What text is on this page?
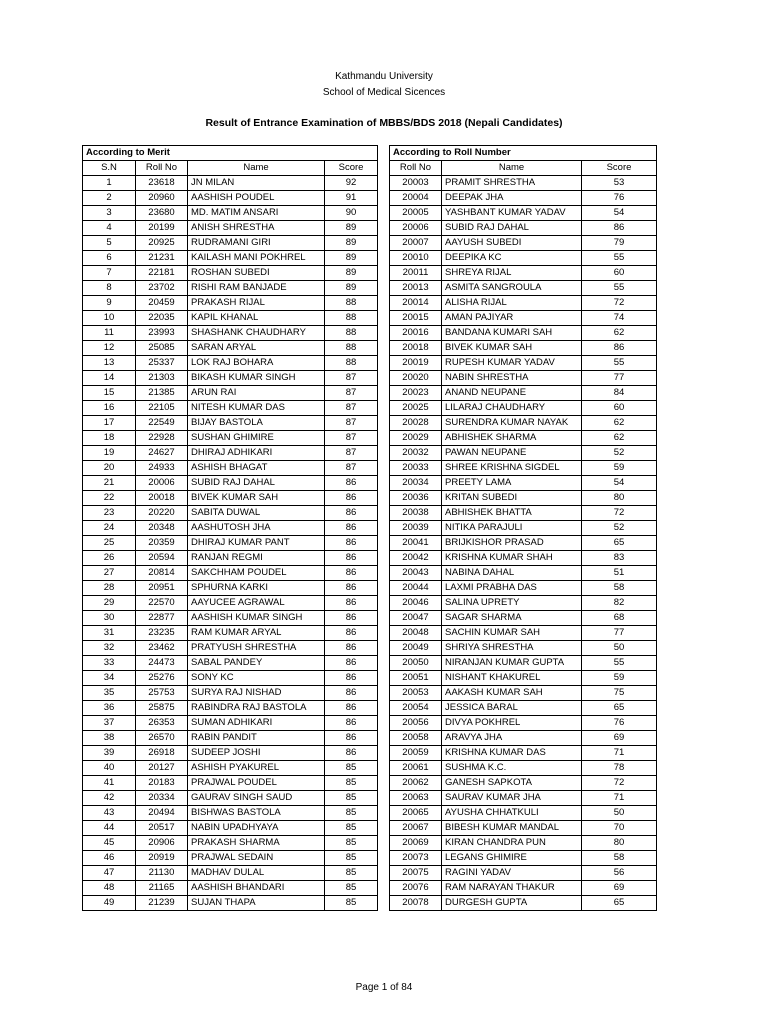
Kathmandu University
School of Medical Sicences
Result of Entrance Examination of MBBS/BDS 2018 (Nepali Candidates)
According to Merit			
S.N	Roll No	Name	Score
1	23618	JN MILAN	92
2	20960	AASHISH POUDEL	91
3	23680	MD. MATIM ANSARI	90
4	20199	ANISH SHRESTHA	89
5	20925	RUDRAMANI GIRI	89
6	21231	KAILASH MANI POKHREL	89
7	22181	ROSHAN SUBEDI	89
8	23702	RISHI RAM BANJADE	89
9	20459	PRAKASH RIJAL	88
10	22035	KAPIL KHANAL	88
11	23993	SHASHANK CHAUDHARY	88
12	25085	SARAN ARYAL	88
13	25337	LOK RAJ BOHARA	88
14	21303	BIKASH KUMAR SINGH	87
15	21385	ARUN RAI	87
16	22105	NITESH KUMAR DAS	87
17	22549	BIJAY BASTOLA	87
18	22928	SUSHAN GHIMIRE	87
19	24627	DHIRAJ ADHIKARI	87
20	24933	ASHISH BHAGAT	87
21	20006	SUBID RAJ DAHAL	86
22	20018	BIVEK KUMAR SAH	86
23	20220	SABITA DUWAL	86
24	20348	AASHUTOSH JHA	86
25	20359	DHIRAJ KUMAR PANT	86
26	20594	RANJAN REGMI	86
27	20814	SAKCHHAM POUDEL	86
28	20951	SPHURNA KARKI	86
29	22570	AAYUCEE AGRAWAL	86
30	22877	AASHISH KUMAR SINGH	86
31	23235	RAM KUMAR ARYAL	86
32	23462	PRATYUSH SHRESTHA	86
33	24473	SABAL PANDEY	86
34	25276	SONY KC	86
35	25753	SURYA RAJ NISHAD	86
36	25875	RABINDRA RAJ BASTOLA	86
37	26353	SUMAN ADHIKARI	86
38	26570	RABIN PANDIT	86
39	26918	SUDEEP JOSHI	86
40	20127	ASHISH PYAKUREL	85
41	20183	PRAJWAL POUDEL	85
42	20334	GAURAV SINGH SAUD	85
43	20494	BISHWAS BASTOLA	85
44	20517	NABIN UPADHYAYA	85
45	20906	PRAKASH SHARMA	85
46	20919	PRAJWAL SEDAIN	85
47	21130	MADHAV DULAL	85
48	21165	AASHISH BHANDARI	85
49	21239	SUJAN THAPA	85
According to Roll Number		
Roll No	Name	Score
20003	PRAMIT SHRESTHA	53
20004	DEEPAK JHA	76
20005	YASHBANT KUMAR YADAV	54
20006	SUBID RAJ DAHAL	86
20007	AAYUSH SUBEDI	79
20010	DEEPIKA KC	55
20011	SHREYA RIJAL	60
20013	ASMITA SANGROULA	55
20014	ALISHA RIJAL	72
20015	AMAN PAJIYAR	74
20016	BANDANA KUMARI SAH	62
20018	BIVEK KUMAR SAH	86
20019	RUPESH KUMAR YADAV	55
20020	NABIN SHRESTHA	77
20023	ANAND NEUPANE	84
20025	LILARAJ CHAUDHARY	60
20028	SURENDRA KUMAR NAYAK	62
20029	ABHISHEK SHARMA	62
20032	PAWAN NEUPANE	52
20033	SHREE KRISHNA SIGDEL	59
20034	PREETY LAMA	54
20036	KRITAN SUBEDI	80
20038	ABHISHEK BHATTA	72
20039	NITIKA PARAJULI	52
20041	BRIJKISHOR PRASAD	65
20042	KRISHNA KUMAR SHAH	83
20043	NABINA DAHAL	51
20044	LAXMI PRABHA DAS	58
20046	SALINA UPRETY	82
20047	SAGAR SHARMA	68
20048	SACHIN KUMAR SAH	77
20049	SHRIYA SHRESTHA	50
20050	NIRANJAN KUMAR GUPTA	55
20051	NISHANT KHAKUREL	59
20053	AAKASH KUMAR SAH	75
20054	JESSICA BARAL	65
20056	DIVYA POKHREL	76
20058	ARAVYA JHA	69
20059	KRISHNA KUMAR DAS	71
20061	SUSHMA K.C.	78
20062	GANESH SAPKOTA	72
20063	SAURAV KUMAR JHA	71
20065	AYUSHA CHHATKULI	50
20067	BIBESH KUMAR MANDAL	70
20069	KIRAN CHANDRA PUN	80
20073	LEGANS GHIMIRE	58
20075	RAGINI YADAV	56
20076	RAM NARAYAN THAKUR	69
20078	DURGESH GUPTA	65
Page 1 of 84
